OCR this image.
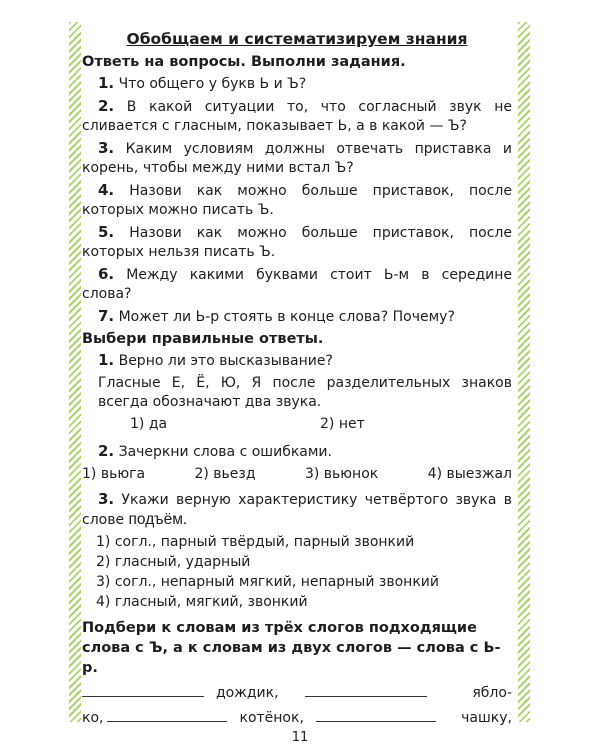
Обобщаем и систематизируем знания
Ответь на вопросы. Выполни задания.
1. Что общего у букв Ь и Ъ?
2. В какой ситуации то, что согласный звук не сливается с гласным, показывает Ь, а в какой — Ъ?
3. Каким условиям должны отвечать приставка и корень, чтобы между ними встал Ъ?
4. Назови как можно больше приставок, после которых можно писать Ъ.
5. Назови как можно больше приставок, после которых нельзя писать Ъ.
6. Между какими буквами стоит Ь-м в середине слова?
7. Может ли Ь-р стоять в конце слова? Почему?
Выбери правильные ответы.
1. Верно ли это высказывание?
Гласные Е, Ё, Ю, Я после разделительных знаков всегда обозначают два звука.
1) да	2) нет
2. Зачеркни слова с ошибками.
1) вьюга	2) вьезд	3) вьюнок	4) выезжал
3. Укажи верную характеристику четвёртого звука в слове подъём.
1) согл., парный твёрдый, парный звонкий
2) гласный, ударный
3) согл., непарный мягкий, непарный звонкий
4) гласный, мягкий, звонкий
Подбери к словам из трёх слогов подходящие слова с Ъ, а к словам из двух слогов — слова с Ь-р.
дождик,	ябло-
ко,	котёнок,	чашку,
11
